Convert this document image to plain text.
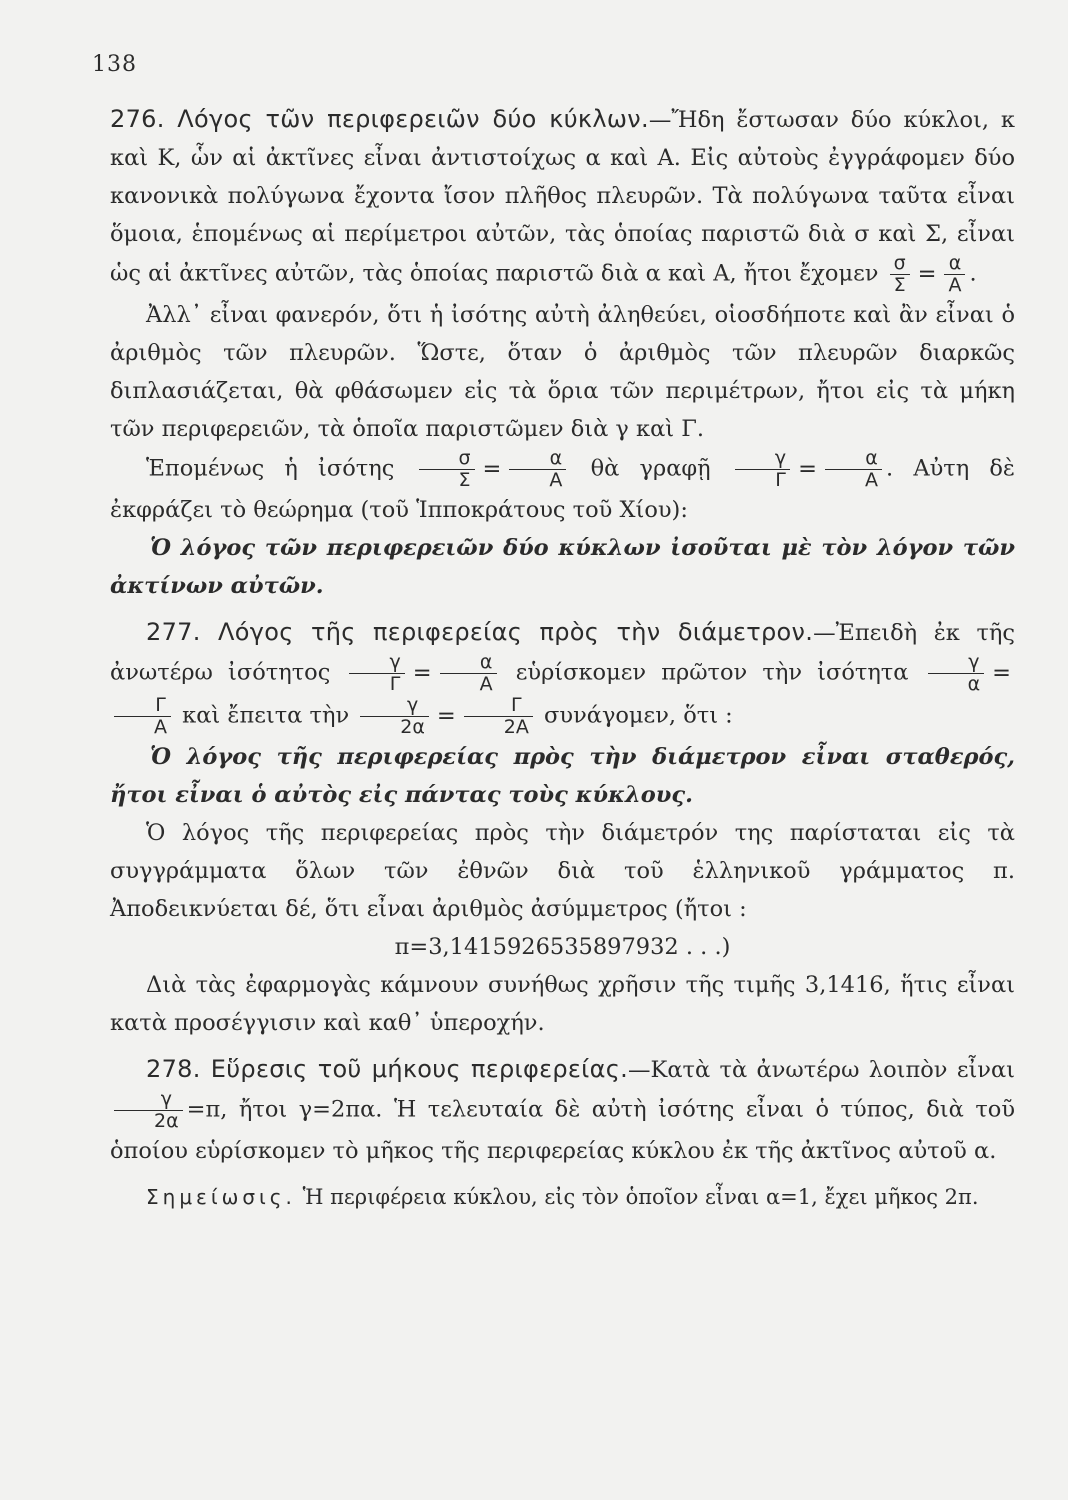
138

276. Λόγος τῶν περιφερειῶν δύο κύκλων.—Ἤδη ἔστωσαν δύο κύκλοι, κ καὶ Κ, ὧν αἱ ἀκτῖνες εἶναι ἀντιστοίχως α καὶ Α. Εἰς αὐτοὺς ἐγγράφομεν δύο κανονικὰ πολύγωνα ἔχοντα ἴσον πλῆθος πλευρῶν. Τὰ πολύγωνα ταῦτα εἶναι ὅμοια, ἑπομένως αἱ περίμετροι αὐτῶν, τὰς ὁποίας παριστῶ διὰ σ καὶ Σ, εἶναι ὡς αἱ ἀκτῖνες αὐτῶν, τὰς ὁποίας παριστῶ διὰ α καὶ Α, ἤτοι ἔχομεν $\frac{\sigma}{\Sigma} = \frac{\alpha}{A}$ .

Ἀλλ᾽ εἶναι φανερόν, ὅτι ἡ ἰσότης αὐτὴ ἀληθεύει, οἱοσδήποτε καὶ ἂν εἶναι ὁ ἀριθμὸς τῶν πλευρῶν. Ὥστε, ὅταν ὁ ἀριθμὸς τῶν πλευρῶν διαρκῶς διπλασιάζεται, θὰ φθάσωμεν εἰς τὰ ὅρια τῶν περιμέτρων, ἤτοι εἰς τὰ μήκη τῶν περιφερειῶν, τὰ ὁποῖα παριστῶμεν διὰ γ καὶ Γ.

Ἑπομένως ἡ ἰσότης $\frac{\sigma}{\Sigma} = \frac{\alpha}{A}$ θὰ γραφῇ $\frac{\gamma}{\Gamma} = \frac{\alpha}{A}$ . Αὐτη δὲ ἐκφράζει τὸ θεώρημα (τοῦ Ἱπποκράτους τοῦ Χίου):

Ὁ λόγος τῶν περιφερειῶν δύο κύκλων ἰσοῦται μὲ τὸν λόγον τῶν ἀκτίνων αὐτῶν.

277. Λόγος τῆς περιφερείας πρὸς τὴν διάμετρον.—Ἐπειδὴ ἐκ τῆς ἀνωτέρω ἰσότητος $\frac{\gamma}{\Gamma} = \frac{\alpha}{A}$ εὑρίσκομεν πρῶτον τὴν ἰσότητα $\frac{\gamma}{\alpha}$ =
$\frac{\Gamma}{A}$ καὶ ἔπειτα τὴν $\frac{\gamma}{2\alpha} = \frac{\Gamma}{2A} \sigma\upsilon\nu ά\gamma o\mu\varepsilon\nu$, ὅτι :

Ὁ λόγος τῆς περιφερείας πρὸς τὴν διάμετρον εἶναι σταθερός, ἤτοι εἶναι ὁ αὐτὸς εἰς πάντας τοὺς κύκλους.

Ὁ λόγος τῆς περιφερείας πρὸς τὴν διάμετρόν της παρίσταται εἰς τὰ συγγράμματα ὅλων τῶν ἐθνῶν διὰ τοῦ ἑλληνικοῦ γράμματος π. Ἀποδεικνύεται δέ, ὅτι εἶναι ἀριθμὸς ἀσύμμετρος (ἤτοι :

π=3,1415926535897932 . . .)

Διὰ τὰς ἐφαρμογὰς κάμνουν συνήθως χρῆσιν τῆς τιμῆς 3,1416, ἥτις εἶναι κατὰ προσέγγισιν καὶ καθ᾽ ὑπεροχήν.

278. Εὕρεσις τοῦ μήκους περιφερείας.—Κατὰ τὰ ἀνωτέρω λοιπὸν εἶναι
$\frac{\gamma}{2\alpha} =\pi$, ἤτοι γ=2πα. Ἡ τελευταία δὲ αὐτὴ ἰσότης εἶναι ὁ τύπος, διὰ τοῦ ὁποίου εὑρίσκομεν τὸ μῆκος τῆς περιφερείας κύκλου ἐκ τῆς ἀκτῖνος αὐτοῦ α.

Σημείωσις. Ἡ περιφέρεια κύκλου, εἰς τὸν ὁποῖον εἶναι α=1, ἔχει μῆκος 2π.
